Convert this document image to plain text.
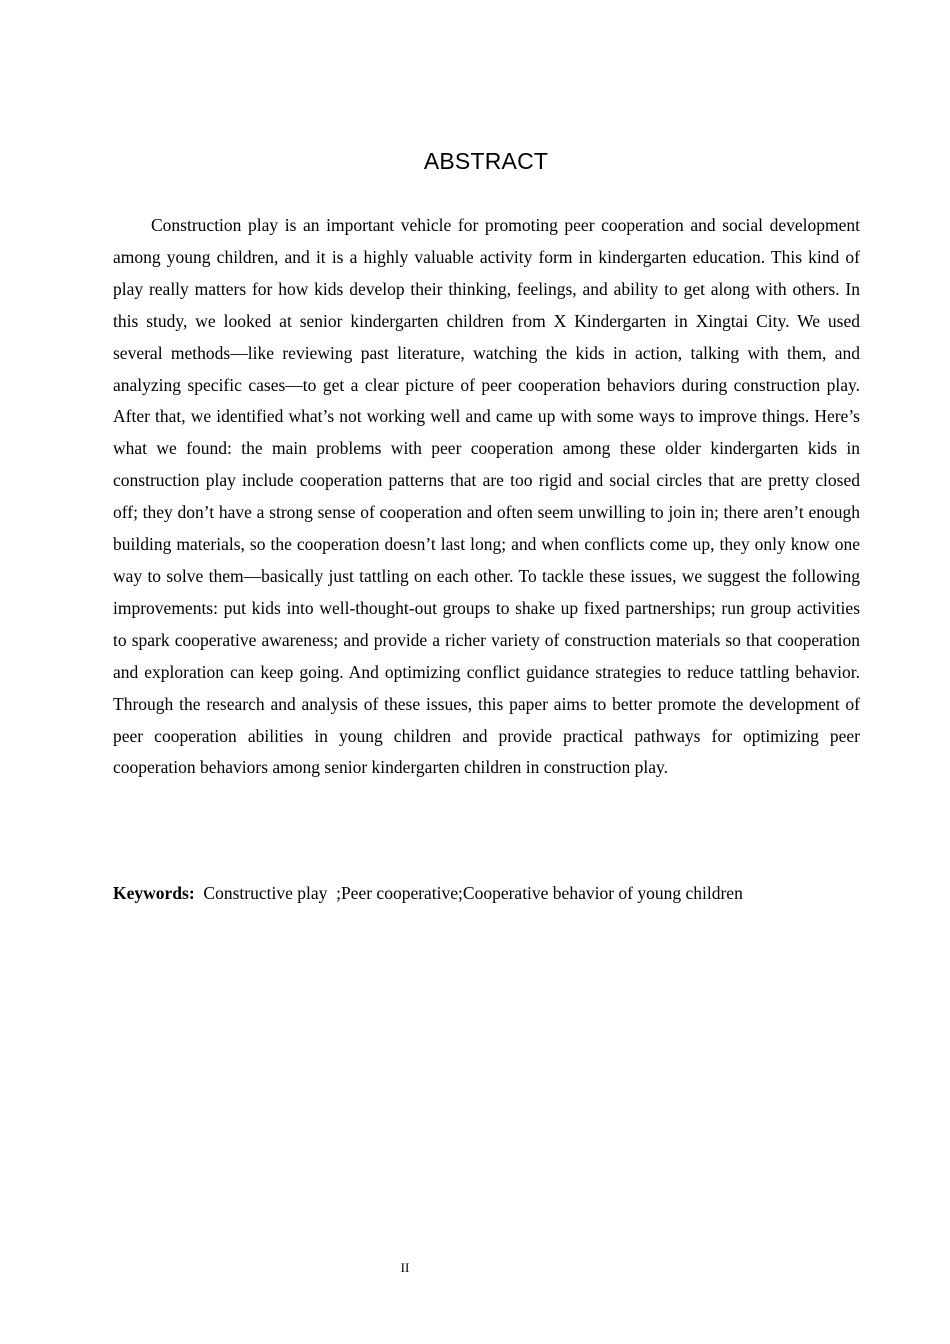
ABSTRACT

Construction play is an important vehicle for promoting peer cooperation and social development among young children, and it is a highly valuable activity form in kindergarten education. This kind of play really matters for how kids develop their thinking, feelings, and ability to get along with others. In this study, we looked at senior kindergarten children from X Kindergarten in Xingtai City. We used several methods—like reviewing past literature, watching the kids in action, talking with them, and analyzing specific cases—to get a clear picture of peer cooperation behaviors during construction play. After that, we identified what’s not working well and came up with some ways to improve things. Here’s what we found: the main problems with peer cooperation among these older kindergarten kids in construction play include cooperation patterns that are too rigid and social circles that are pretty closed off; they don’t have a strong sense of cooperation and often seem unwilling to join in; there aren’t enough building materials, so the cooperation doesn’t last long; and when conflicts come up, they only know one way to solve them—basically just tattling on each other. To tackle these issues, we suggest the following improvements: put kids into well-thought-out groups to shake up fixed partnerships; run group activities to spark cooperative awareness; and provide a richer variety of construction materials so that cooperation and exploration can keep going. And optimizing conflict guidance strategies to reduce tattling behavior. Through the research and analysis of these issues, this paper aims to better promote the development of peer cooperation abilities in young children and provide practical pathways for optimizing peer cooperation behaviors among senior kindergarten children in construction play.

Keywords:  Constructive play  ;Peer cooperative;Cooperative behavior of young children

II
